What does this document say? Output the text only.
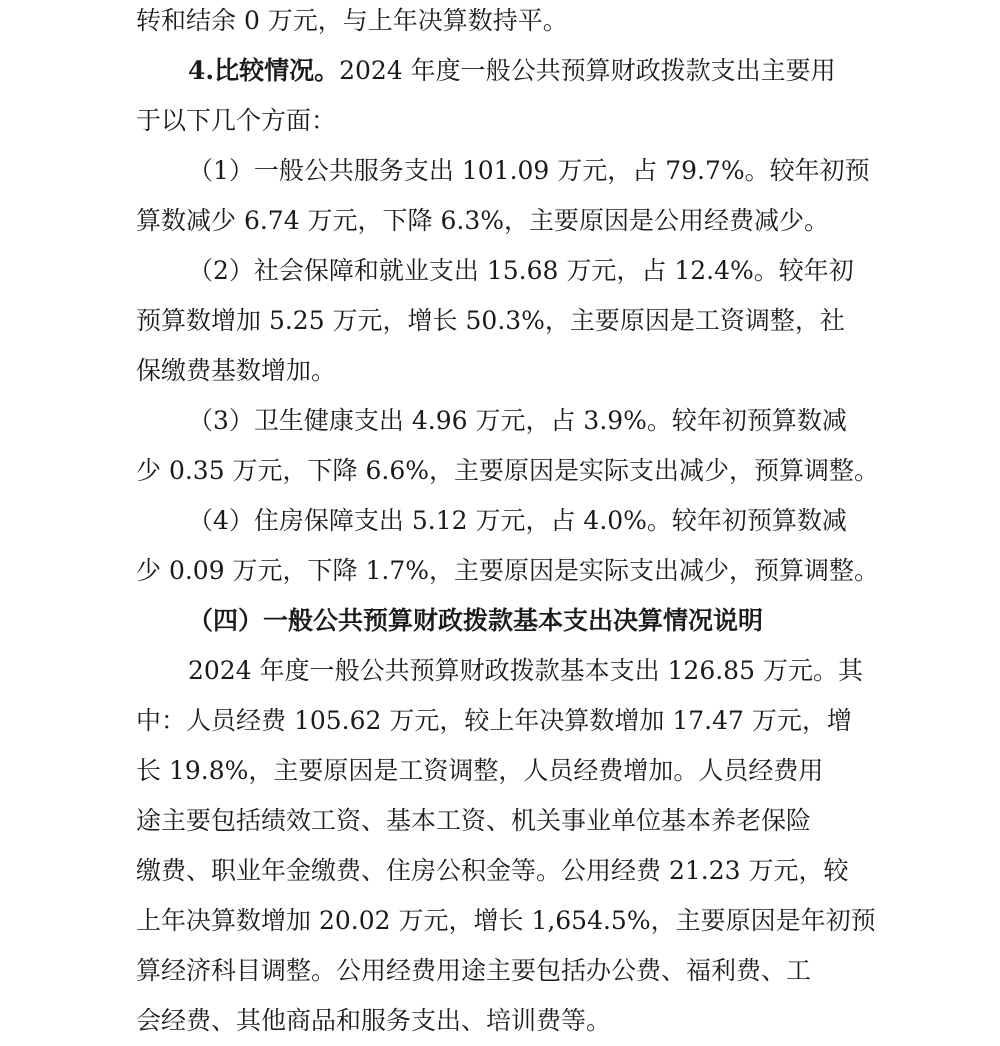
转和结余 0 万元，与上年决算数持平。
4.比较情况。2024 年度一般公共预算财政拨款支出主要用
于以下几个方面：
（1）一般公共服务支出 101.09 万元，占 79.7%。较年初预
算数减少 6.74 万元，下降 6.3%，主要原因是公用经费减少。
（2）社会保障和就业支出 15.68 万元，占 12.4%。较年初
预算数增加 5.25 万元，增长 50.3%，主要原因是工资调整，社
保缴费基数增加。
（3）卫生健康支出 4.96 万元，占 3.9%。较年初预算数减
少 0.35 万元，下降 6.6%，主要原因是实际支出减少，预算调整。
（4）住房保障支出 5.12 万元，占 4.0%。较年初预算数减
少 0.09 万元，下降 1.7%，主要原因是实际支出减少，预算调整。
（四）一般公共预算财政拨款基本支出决算情况说明
2024 年度一般公共预算财政拨款基本支出 126.85 万元。其
中：人员经费 105.62 万元，较上年决算数增加 17.47 万元，增
长 19.8%，主要原因是工资调整，人员经费增加。人员经费用
途主要包括绩效工资、基本工资、机关事业单位基本养老保险
缴费、职业年金缴费、住房公积金等。公用经费 21.23 万元，较
上年决算数增加 20.02 万元，增长 1,654.5%，主要原因是年初预
算经济科目调整。公用经费用途主要包括办公费、福利费、工
会经费、其他商品和服务支出、培训费等。
